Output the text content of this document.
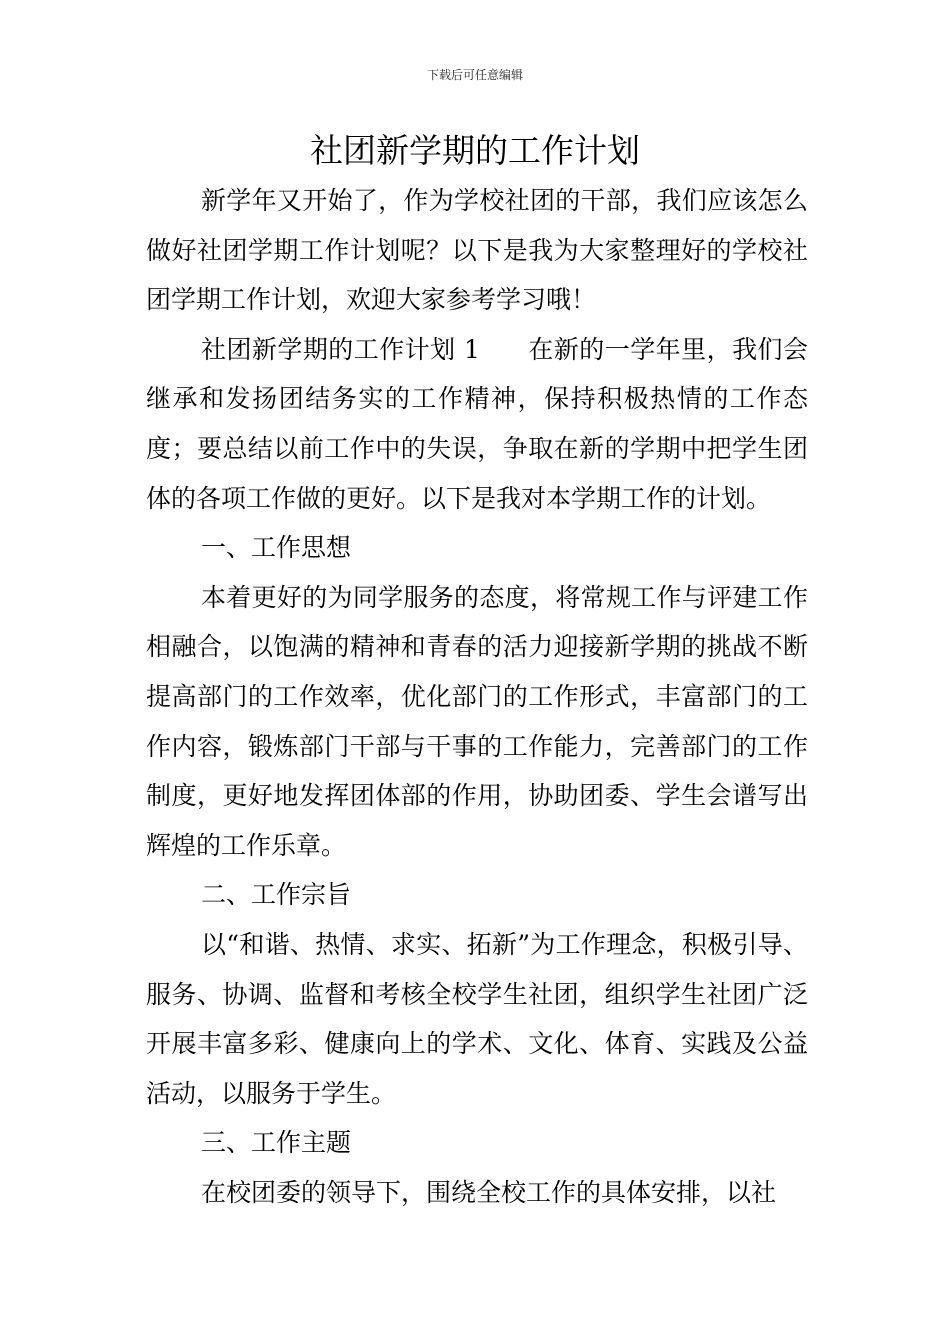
下载后可任意编辑
社团新学期的工作计划

新学年又开始了，作为学校社团的干部，我们应该怎么做好社团学期工作计划呢？以下是我为大家整理好的学校社团学期工作计划，欢迎大家参考学习哦！

社团新学期的工作计划 1 在新的一学年里，我们会继承和发扬团结务实的工作精神，保持积极热情的工作态度；要总结以前工作中的失误，争取在新的学期中把学生团体的各项工作做的更好。以下是我对本学期工作的计划。

一、工作思想

本着更好的为同学服务的态度，将常规工作与评建工作相融合，以饱满的精神和青春的活力迎接新学期的挑战不断提高部门的工作效率，优化部门的工作形式，丰富部门的工作内容，锻炼部门干部与干事的工作能力，完善部门的工作制度，更好地发挥团体部的作用，协助团委、学生会谱写出辉煌的工作乐章。

二、工作宗旨

以“和谐、热情、求实、拓新”为工作理念，积极引导、服务、协调、监督和考核全校学生社团，组织学生社团广泛开展丰富多彩、健康向上的学术、文化、体育、实践及公益活动，以服务于学生。

三、工作主题

在校团委的领导下，围绕全校工作的具体安排，以社
